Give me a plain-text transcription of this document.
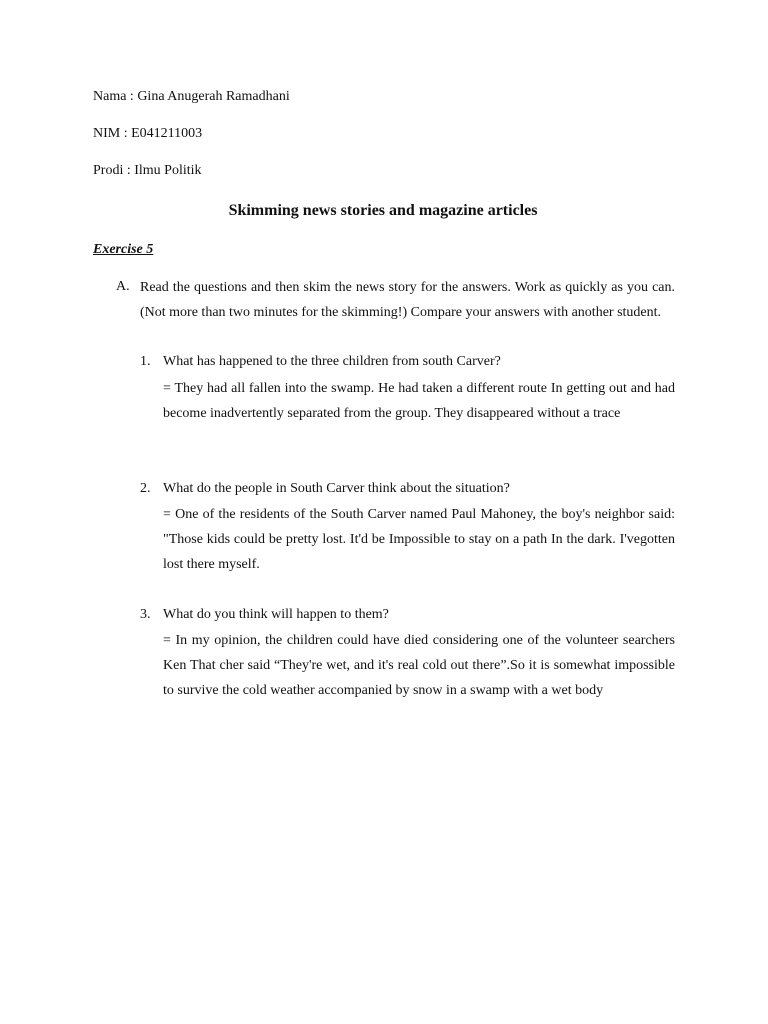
Nama : Gina Anugerah Ramadhani
NIM : E041211003
Prodi : Ilmu Politik
Skimming news stories and magazine articles
Exercise 5
A. Read the questions and then skim the news story for the answers. Work as quickly as you can. (Not more than two minutes for the skimming!) Compare your answers with another student.
1. What has happened to the three children from south Carver?
= They had all fallen into the swamp. He had taken a different route In getting out and had become inadvertently separated from the group. They disappeared without a trace
2. What do the people in South Carver think about the situation?
= One of the residents of the South Carver named Paul Mahoney, the boy's neighbor said: "Those kids could be pretty lost. It'd be Impossible to stay on a path In the dark. I'vegotten lost there myself.
3. What do you think will happen to them?
= In my opinion, the children could have died considering one of the volunteer searchers Ken That cher said “They're wet, and it's real cold out there”.So it is somewhat impossible to survive the cold weather accompanied by snow in a swamp with a wet body
